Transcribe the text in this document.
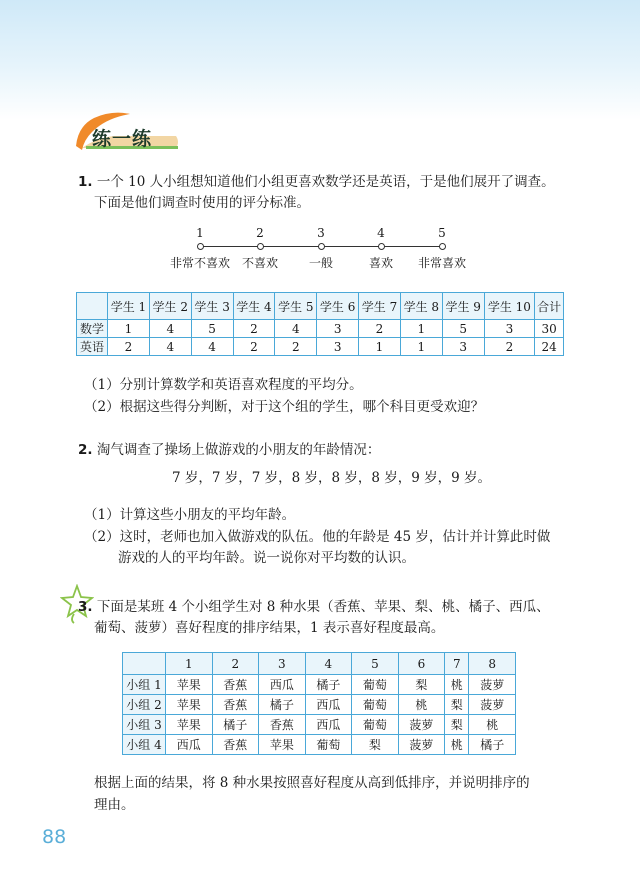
练一练
1. 一个 10 人小组想知道他们小组更喜欢数学还是英语，于是他们展开了调查。
下面是他们调查时使用的评分标准。
1	2	3	4	5
非常不喜欢 不喜欢	一般	喜欢 非常喜欢
	学生 1	学生 2	学生 3	学生 4	学生 5	学生 6	学生 7	学生 8	学生 9	学生 10	合计
数学	1	4	5	2	4	3	2	1	5	3	30
英语	2	4	4	2	2	3	1	1	3	2	24
（1）分别计算数学和英语喜欢程度的平均分。
（2）根据这些得分判断，对于这个组的学生，哪个科目更受欢迎？
2. 淘气调查了操场上做游戏的小朋友的年龄情况：
7 岁，7 岁，7 岁，8 岁，8 岁，8 岁，9 岁，9 岁。
（1）计算这些小朋友的平均年龄。
（2）这时，老师也加入做游戏的队伍。他的年龄是 45 岁，估计并计算此时做
游戏的人的平均年龄。说一说你对平均数的认识。
3. 下面是某班 4 个小组学生对 8 种水果（香蕉、苹果、梨、桃、橘子、西瓜、
葡萄、菠萝）喜好程度的排序结果，1 表示喜好程度最高。
	1	2	3	4	5	6	7	8
小组 1	苹果	香蕉	西瓜	橘子	葡萄	梨	桃	菠萝
小组 2	苹果	香蕉	橘子	西瓜	葡萄	桃	梨	菠萝
小组 3	苹果	橘子	香蕉	西瓜	葡萄	菠萝	梨	桃
小组 4	西瓜	香蕉	苹果	葡萄	梨	菠萝	桃	橘子
根据上面的结果，将 8 种水果按照喜好程度从高到低排序，并说明排序的
理由。
88
